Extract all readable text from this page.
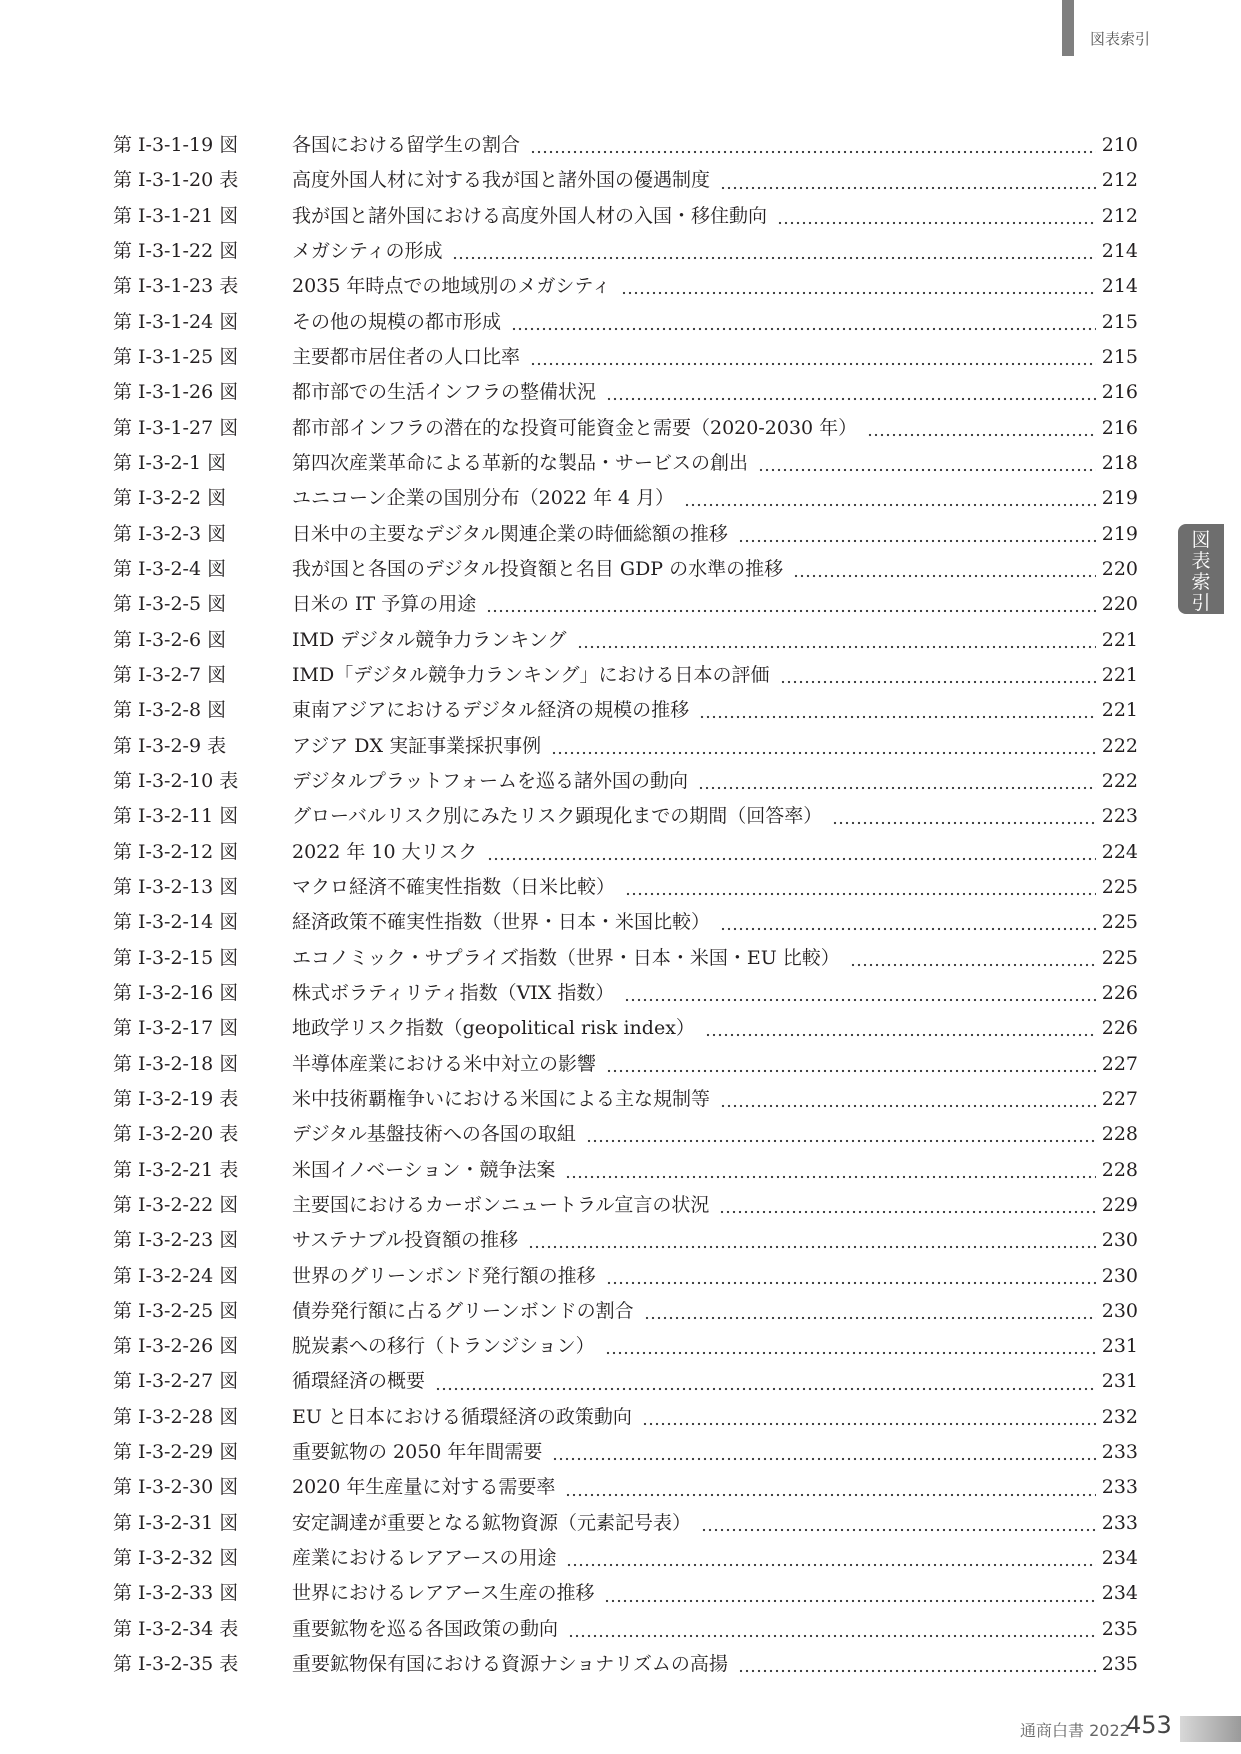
図表索引
図表索引
第 I-3-1-19 図	各国における留学生の割合	210
第 I-3-1-20 表	高度外国人材に対する我が国と諸外国の優遇制度	212
第 I-3-1-21 図	我が国と諸外国における高度外国人材の入国・移住動向	212
第 I-3-1-22 図	メガシティの形成	214
第 I-3-1-23 表	2035 年時点での地域別のメガシティ	214
第 I-3-1-24 図	その他の規模の都市形成	215
第 I-3-1-25 図	主要都市居住者の人口比率	215
第 I-3-1-26 図	都市部での生活インフラの整備状況	216
第 I-3-1-27 図	都市部インフラの潜在的な投資可能資金と需要（2020-2030 年）	216
第 I-3-2-1 図	第四次産業革命による革新的な製品・サービスの創出	218
第 I-3-2-2 図	ユニコーン企業の国別分布（2022 年 4 月）	219
第 I-3-2-3 図	日米中の主要なデジタル関連企業の時価総額の推移	219
第 I-3-2-4 図	我が国と各国のデジタル投資額と名目 GDP の水準の推移	220
第 I-3-2-5 図	日米の IT 予算の用途	220
第 I-3-2-6 図	IMD デジタル競争力ランキング	221
第 I-3-2-7 図	IMD「デジタル競争力ランキング」における日本の評価	221
第 I-3-2-8 図	東南アジアにおけるデジタル経済の規模の推移	221
第 I-3-2-9 表	アジア DX 実証事業採択事例	222
第 I-3-2-10 表	デジタルプラットフォームを巡る諸外国の動向	222
第 I-3-2-11 図	グローバルリスク別にみたリスク顕現化までの期間（回答率）	223
第 I-3-2-12 図	2022 年 10 大リスク	224
第 I-3-2-13 図	マクロ経済不確実性指数（日米比較）	225
第 I-3-2-14 図	経済政策不確実性指数（世界・日本・米国比較）	225
第 I-3-2-15 図	エコノミック・サプライズ指数（世界・日本・米国・EU 比較）	225
第 I-3-2-16 図	株式ボラティリティ指数（VIX 指数）	226
第 I-3-2-17 図	地政学リスク指数（geopolitical risk index）	226
第 I-3-2-18 図	半導体産業における米中対立の影響	227
第 I-3-2-19 表	米中技術覇権争いにおける米国による主な規制等	227
第 I-3-2-20 表	デジタル基盤技術への各国の取組	228
第 I-3-2-21 表	米国イノベーション・競争法案	228
第 I-3-2-22 図	主要国におけるカーボンニュートラル宣言の状況	229
第 I-3-2-23 図	サステナブル投資額の推移	230
第 I-3-2-24 図	世界のグリーンボンド発行額の推移	230
第 I-3-2-25 図	債券発行額に占るグリーンボンドの割合	230
第 I-3-2-26 図	脱炭素への移行（トランジション）	231
第 I-3-2-27 図	循環経済の概要	231
第 I-3-2-28 図	EU と日本における循環経済の政策動向	232
第 I-3-2-29 図	重要鉱物の 2050 年年間需要	233
第 I-3-2-30 図	2020 年生産量に対する需要率	233
第 I-3-2-31 図	安定調達が重要となる鉱物資源（元素記号表）	233
第 I-3-2-32 図	産業におけるレアアースの用途	234
第 I-3-2-33 図	世界におけるレアアース生産の推移	234
第 I-3-2-34 表	重要鉱物を巡る各国政策の動向	235
第 I-3-2-35 表	重要鉱物保有国における資源ナショナリズムの高揚	235
通商白書 2022
453
